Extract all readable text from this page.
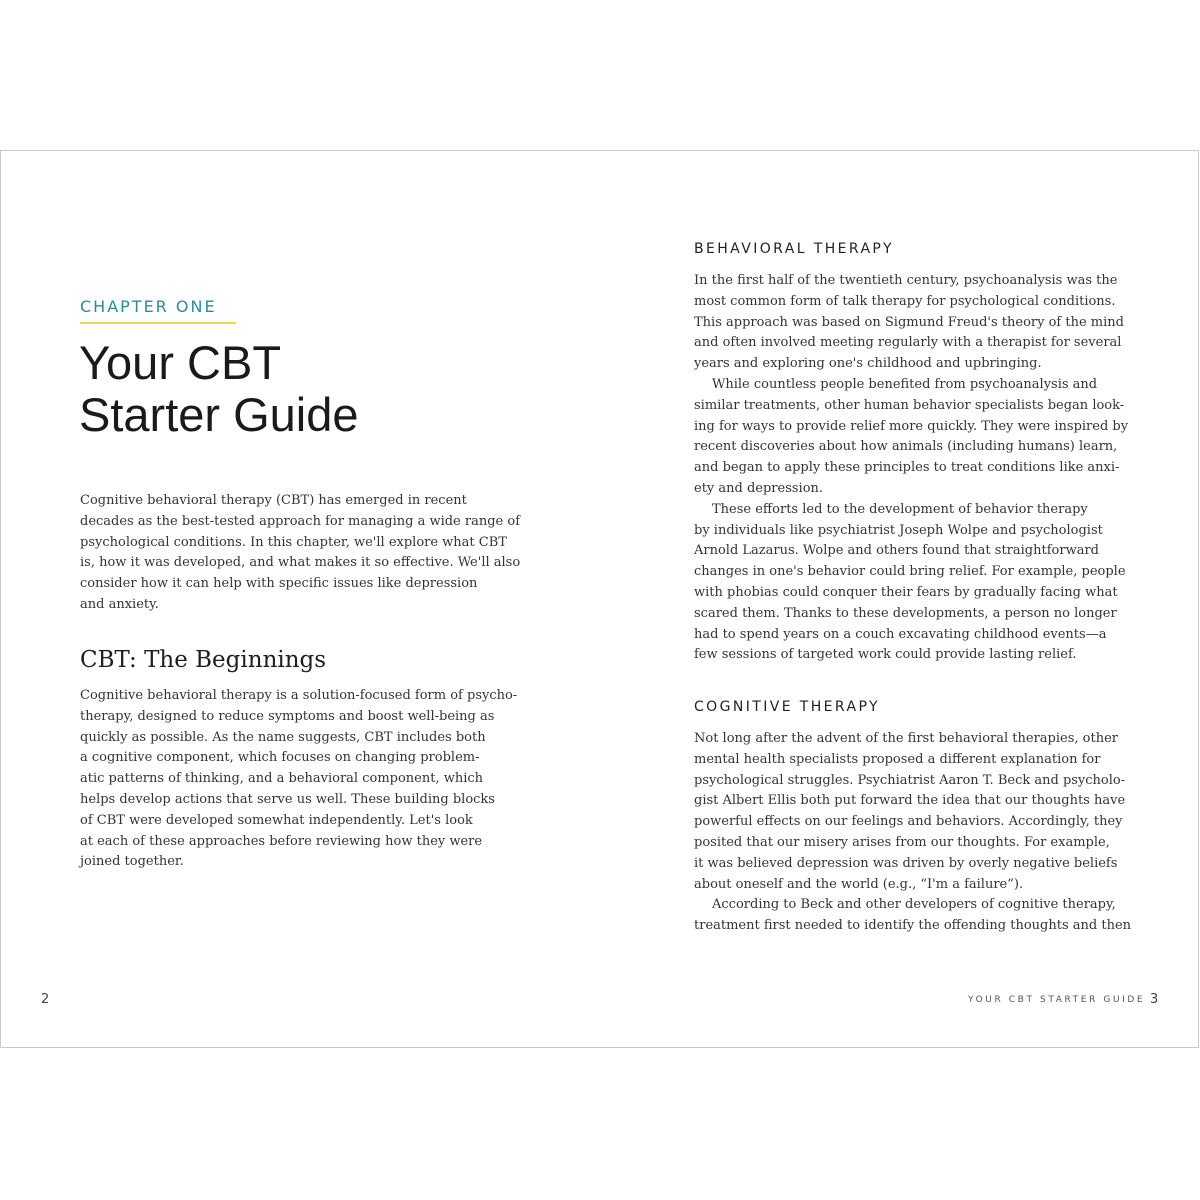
CHAPTER ONE
Your CBT
Starter Guide
Cognitive behavioral therapy (CBT) has emerged in recent
decades as the best-tested approach for managing a wide range of
psychological conditions. In this chapter, we'll explore what CBT
is, how it was developed, and what makes it so effective. We'll also
consider how it can help with specific issues like depression
and anxiety.
CBT: The Beginnings
Cognitive behavioral therapy is a solution-focused form of psycho-
therapy, designed to reduce symptoms and boost well-being as
quickly as possible. As the name suggests, CBT includes both
a cognitive component, which focuses on changing problem-
atic patterns of thinking, and a behavioral component, which
helps develop actions that serve us well. These building blocks
of CBT were developed somewhat independently. Let's look
at each of these approaches before reviewing how they were
joined together.
2
BEHAVIORAL THERAPY
In the first half of the twentieth century, psychoanalysis was the
most common form of talk therapy for psychological conditions.
This approach was based on Sigmund Freud's theory of the mind
and often involved meeting regularly with a therapist for several
years and exploring one's childhood and upbringing.
While countless people benefited from psychoanalysis and
similar treatments, other human behavior specialists began look-
ing for ways to provide relief more quickly. They were inspired by
recent discoveries about how animals (including humans) learn,
and began to apply these principles to treat conditions like anxi-
ety and depression.
These efforts led to the development of behavior therapy
by individuals like psychiatrist Joseph Wolpe and psychologist
Arnold Lazarus. Wolpe and others found that straightforward
changes in one's behavior could bring relief. For example, people
with phobias could conquer their fears by gradually facing what
scared them. Thanks to these developments, a person no longer
had to spend years on a couch excavating childhood events—a
few sessions of targeted work could provide lasting relief.
COGNITIVE THERAPY
Not long after the advent of the first behavioral therapies, other
mental health specialists proposed a different explanation for
psychological struggles. Psychiatrist Aaron T. Beck and psycholo-
gist Albert Ellis both put forward the idea that our thoughts have
powerful effects on our feelings and behaviors. Accordingly, they
posited that our misery arises from our thoughts. For example,
it was believed depression was driven by overly negative beliefs
about oneself and the world (e.g., “I'm a failure”).
According to Beck and other developers of cognitive therapy,
treatment first needed to identify the offending thoughts and then
YOUR CBT STARTER GUIDE 3
